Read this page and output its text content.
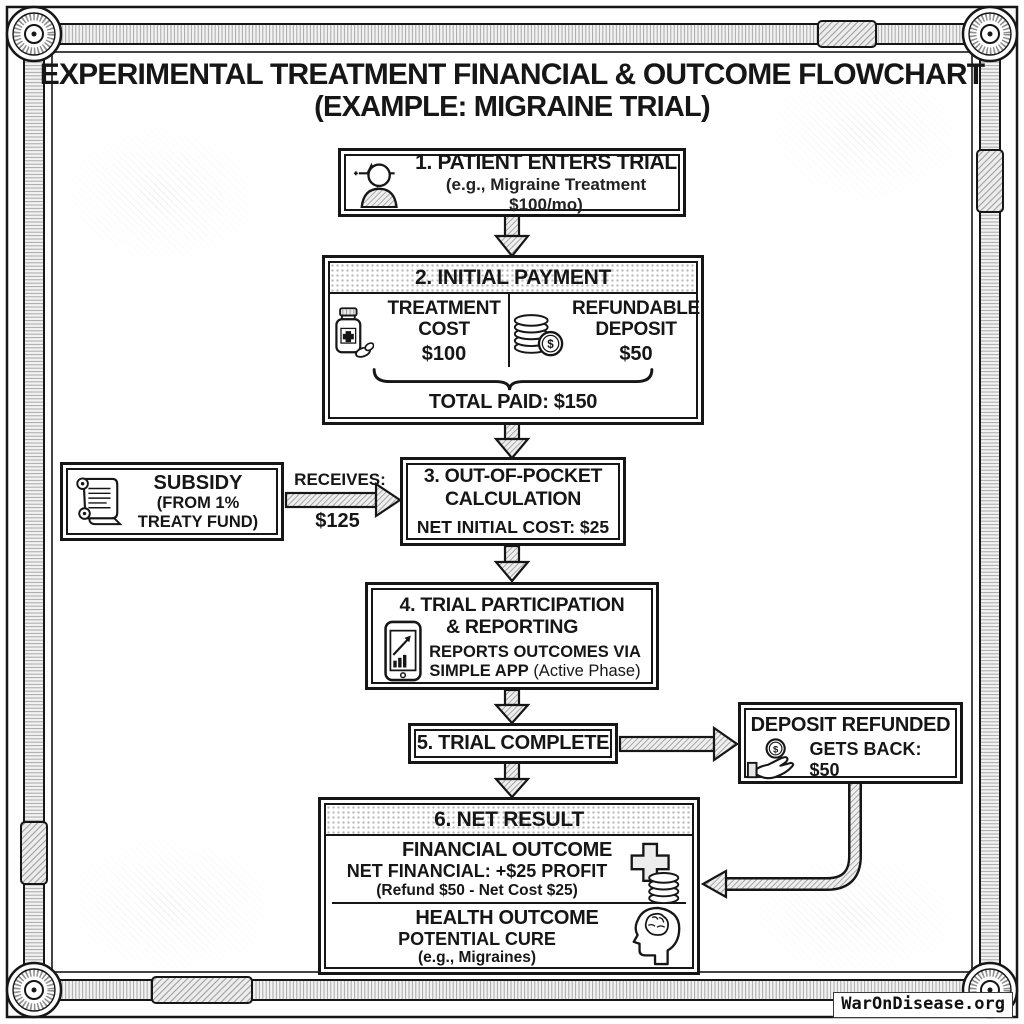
EXPERIMENTAL TREATMENT FINANCIAL & OUTCOME FLOWCHART
(EXAMPLE: MIGRAINE TRIAL)
1. PATIENT ENTERS TRIAL
(e.g., Migraine Treatment $100/mo)
2. INITIAL PAYMENT
TREATMENT COST
$100	$
REFUNDABLE DEPOSIT
$50
TOTAL PAID: $150
SUBSIDY
(FROM 1% TREATY FUND)
RECEIVES:
$125
3. OUT-OF-POCKET CALCULATION
NET INITIAL COST: $25
4. TRIAL PARTICIPATION & REPORTING
REPORTS OUTCOMES VIA SIMPLE APP (Active Phase)
5. TRIAL COMPLETE
DEPOSIT REFUNDED
$ GETS BACK: $50
6. NET RESULT
FINANCIAL OUTCOME
NET FINANCIAL: +$25 PROFIT
(Refund $50 - Net Cost $25)
HEALTH OUTCOME
POTENTIAL CURE
(e.g., Migraines)
WarOnDisease.org
